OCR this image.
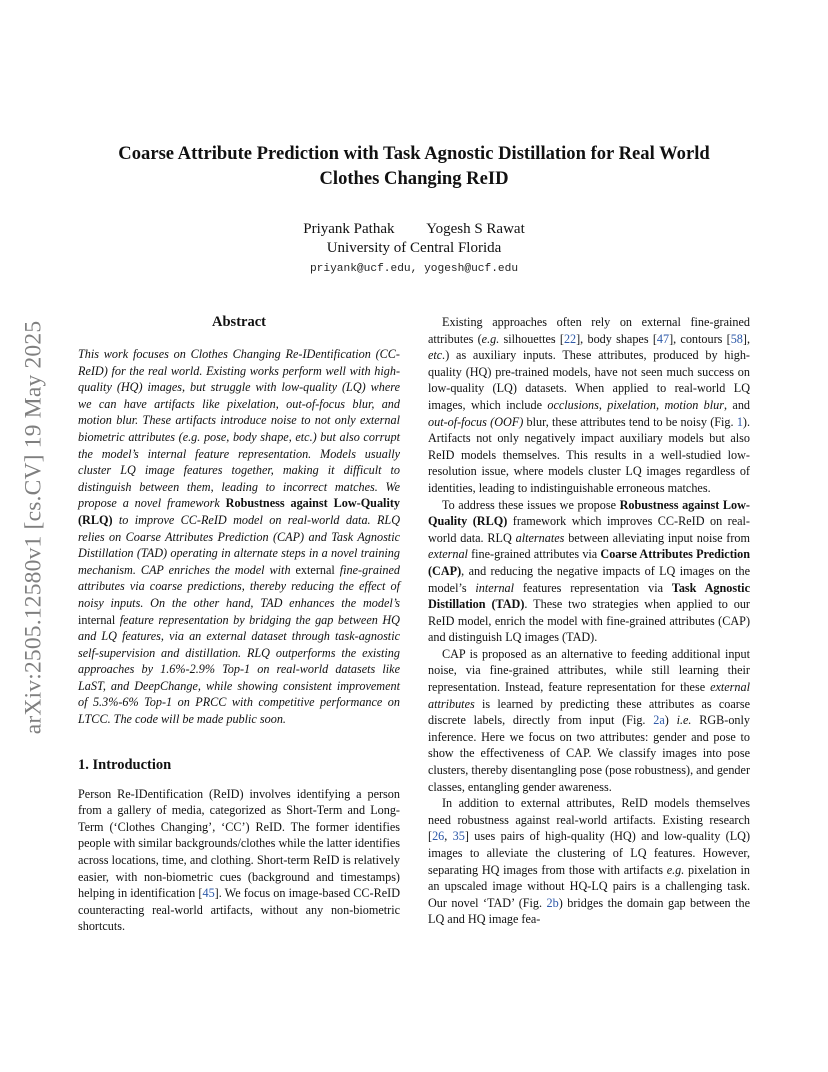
arXiv:2505.12580v1 [cs.CV] 19 May 2025
Coarse Attribute Prediction with Task Agnostic Distillation for Real World
Clothes Changing ReID
Priyank Pathak Yogesh S Rawat
University of Central Florida
priyank@ucf.edu, yogesh@ucf.edu
Abstract

This work focuses on Clothes Changing Re-IDentification (CC-ReID) for the real world. Existing works perform well with high-quality (HQ) images, but struggle with low-quality (LQ) where we can have artifacts like pixelation, out-of-focus blur, and motion blur. These artifacts introduce noise to not only external biometric attributes (e.g. pose, body shape, etc.) but also corrupt the model’s internal feature representation. Models usually cluster LQ image features together, making it difficult to distinguish between them, leading to incorrect matches. We propose a novel framework Robustness against Low-Quality (RLQ) to improve CC-ReID model on real-world data. RLQ relies on Coarse Attributes Prediction (CAP) and Task Agnostic Distillation (TAD) operating in alternate steps in a novel training mechanism. CAP enriches the model with external fine-grained attributes via coarse predictions, thereby reducing the effect of noisy inputs. On the other hand, TAD enhances the model’s internal feature representation by bridging the gap between HQ and LQ features, via an external dataset through task-agnostic self-supervision and distillation. RLQ outperforms the existing approaches by 1.6%-2.9% Top-1 on real-world datasets like LaST, and DeepChange, while showing consistent improvement of 5.3%-6% Top-1 on PRCC with competitive performance on LTCC. The code will be made public soon.

1. Introduction

Person Re-IDentification (ReID) involves identifying a person from a gallery of media, categorized as Short-Term and Long-Term (‘Clothes Changing’, ‘CC’) ReID. The former identifies people with similar backgrounds/clothes while the latter identifies across locations, time, and clothing. Short-term ReID is relatively easier, with non-biometric cues (background and timestamps) helping in identification [45]. We focus on image-based CC-ReID counteracting real-world artifacts, without any non-biometric shortcuts.

Existing approaches often rely on external fine-grained attributes (e.g. silhouettes [22], body shapes [47], contours [58], etc.) as auxiliary inputs. These attributes, produced by high-quality (HQ) pre-trained models, have not seen much success on low-quality (LQ) datasets. When applied to real-world LQ images, which include occlusions, pixelation, motion blur, and out-of-focus (OOF) blur, these attributes tend to be noisy (Fig. 1). Artifacts not only negatively impact auxiliary models but also ReID models themselves. This results in a well-studied low-resolution issue, where models cluster LQ images regardless of identities, leading to indistinguishable erroneous matches.

To address these issues we propose Robustness against Low-Quality (RLQ) framework which improves CC-ReID on real-world data. RLQ alternates between alleviating input noise from external fine-grained attributes via Coarse Attributes Prediction (CAP), and reducing the negative impacts of LQ images on the model’s internal features representation via Task Agnostic Distillation (TAD). These two strategies when applied to our ReID model, enrich the model with fine-grained attributes (CAP) and distinguish LQ images (TAD).

CAP is proposed as an alternative to feeding additional input noise, via fine-grained attributes, while still learning their representation. Instead, feature representation for these external attributes is learned by predicting these attributes as coarse discrete labels, directly from input (Fig. 2a) i.e. RGB-only inference. Here we focus on two attributes: gender and pose to show the effectiveness of CAP. We classify images into pose clusters, thereby disentangling pose (pose robustness), and gender classes, entangling gender awareness.

In addition to external attributes, ReID models themselves need robustness against real-world artifacts. Existing research [26, 35] uses pairs of high-quality (HQ) and low-quality (LQ) images to alleviate the clustering of LQ features. However, separating HQ images from those with artifacts e.g. pixelation in an upscaled image without HQ-LQ pairs is a challenging task. Our novel ‘TAD’ (Fig. 2b) bridges the domain gap between the LQ and HQ image fea-
